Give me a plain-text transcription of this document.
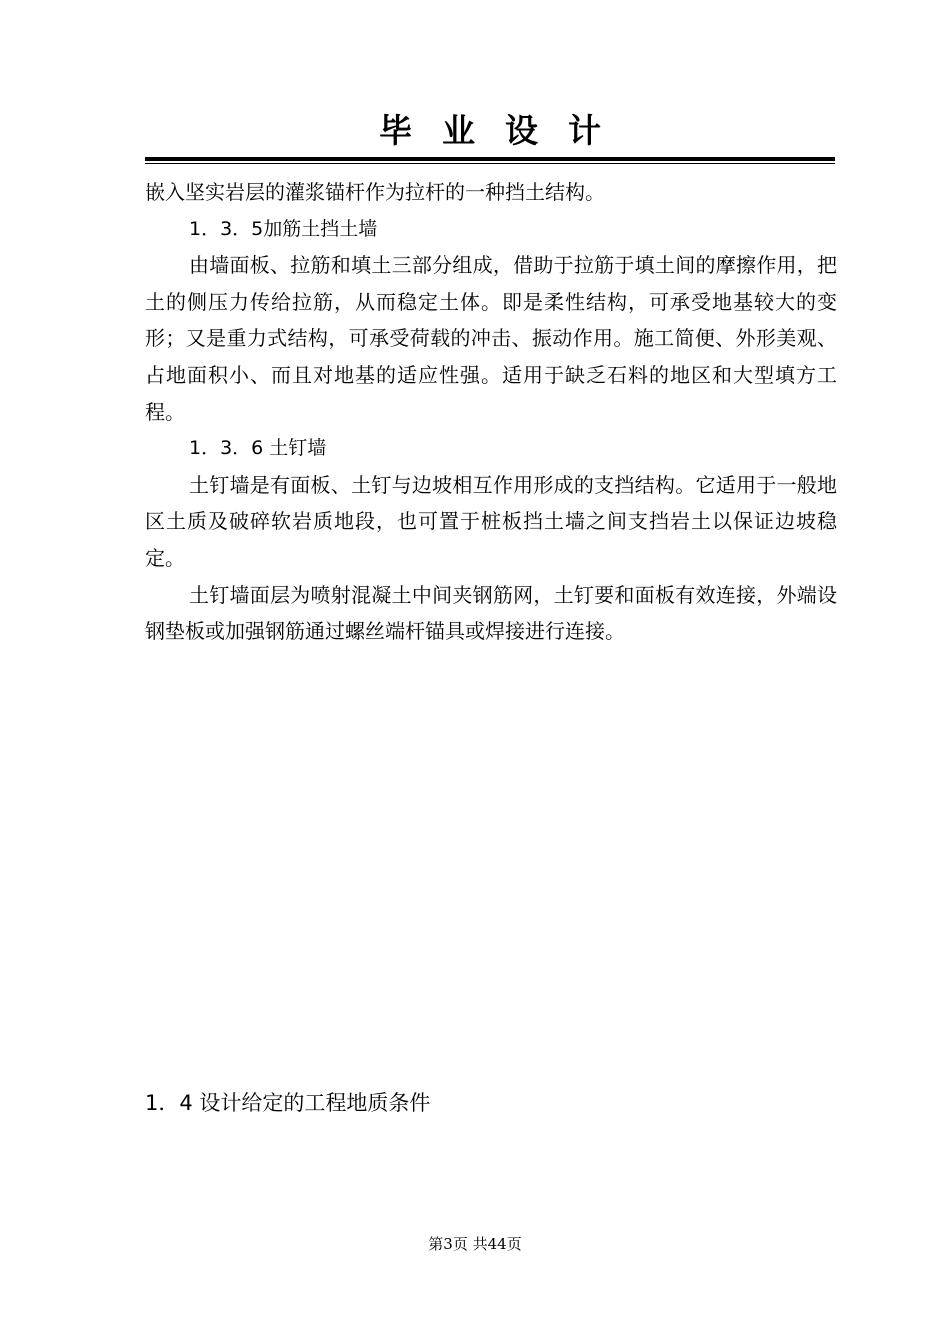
毕业设计

嵌入坚实岩层的灌浆锚杆作为拉杆的一种挡土结构。

1．3．5加筋土挡土墙

由墙面板、拉筋和填土三部分组成，借助于拉筋于填土间的摩擦作用，把土的侧压力传给拉筋，从而稳定土体。即是柔性结构，可承受地基较大的变形；又是重力式结构，可承受荷载的冲击、振动作用。施工简便、外形美观、占地面积小、而且对地基的适应性强。适用于缺乏石料的地区和大型填方工程。

1．3．6 土钉墙

土钉墙是有面板、土钉与边坡相互作用形成的支挡结构。它适用于一般地区土质及破碎软岩质地段，也可置于桩板挡土墙之间支挡岩土以保证边坡稳定。

土钉墙面层为喷射混凝土中间夹钢筋网，土钉要和面板有效连接，外端设钢垫板或加强钢筋通过螺丝端杆锚具或焊接进行连接。

1．4 设计给定的工程地质条件

第3页 共44页
